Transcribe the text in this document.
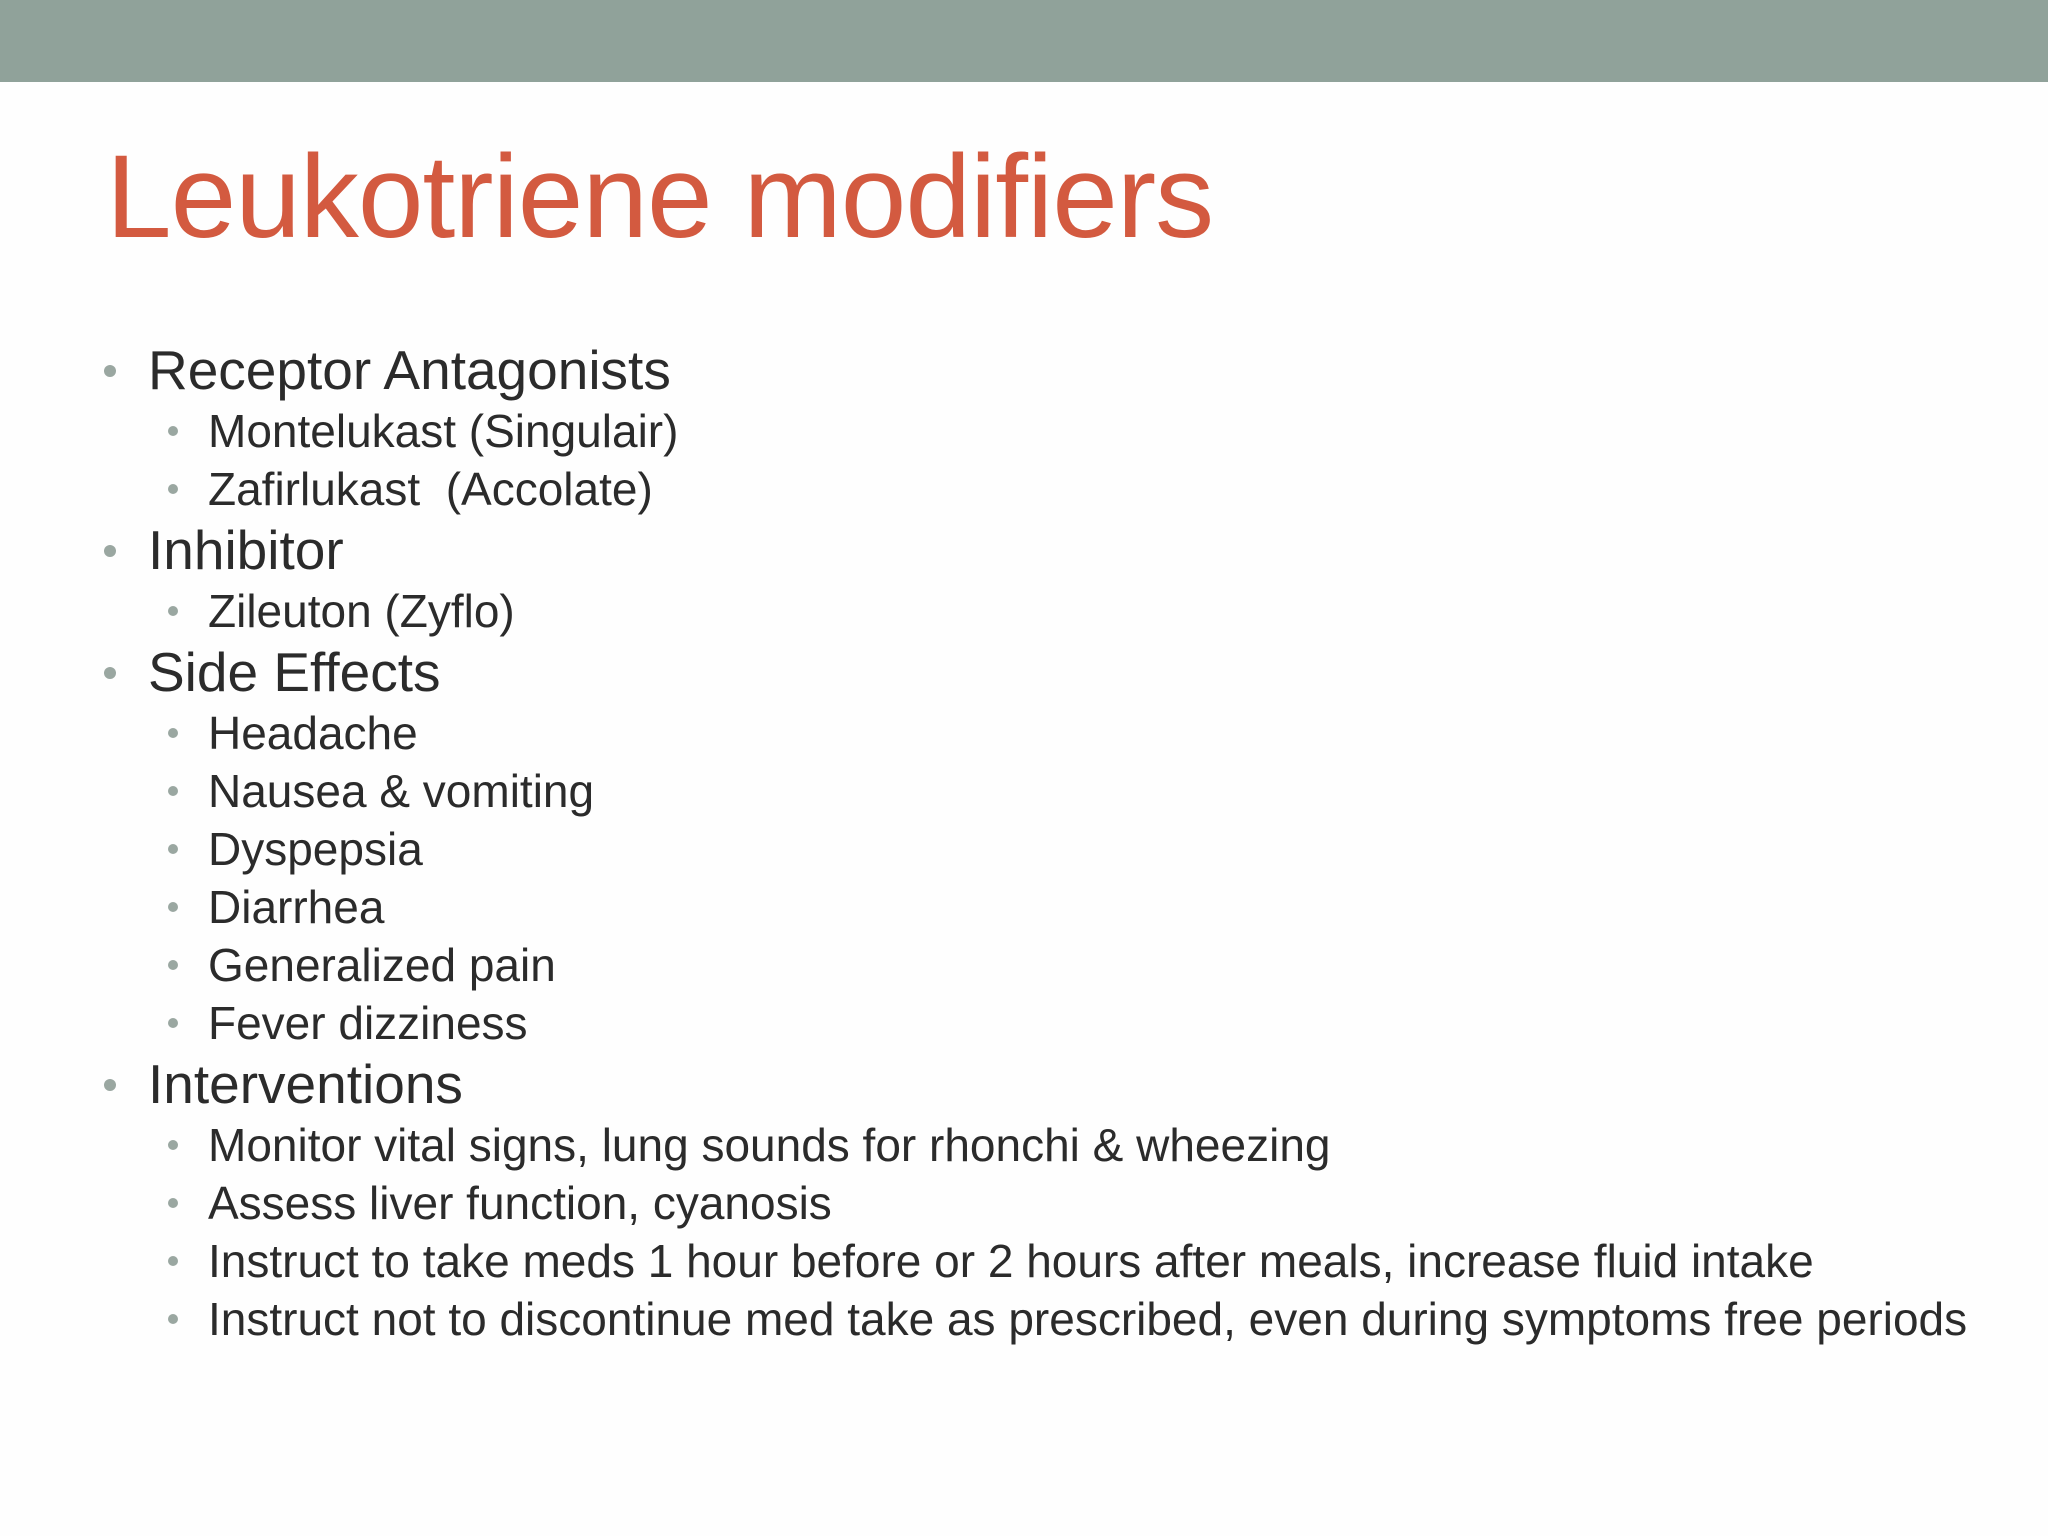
Leukotriene modifiers
Receptor Antagonists
Montelukast (Singulair)
Zafirlukast  (Accolate)
Inhibitor
Zileuton (Zyflo)
Side Effects
Headache
Nausea & vomiting
Dyspepsia
Diarrhea
Generalized pain
Fever dizziness
Interventions
Monitor vital signs, lung sounds for rhonchi & wheezing
Assess liver function, cyanosis
Instruct to take meds 1 hour before or 2 hours after meals, increase fluid intake
Instruct not to discontinue med take as prescribed, even during symptoms free periods
